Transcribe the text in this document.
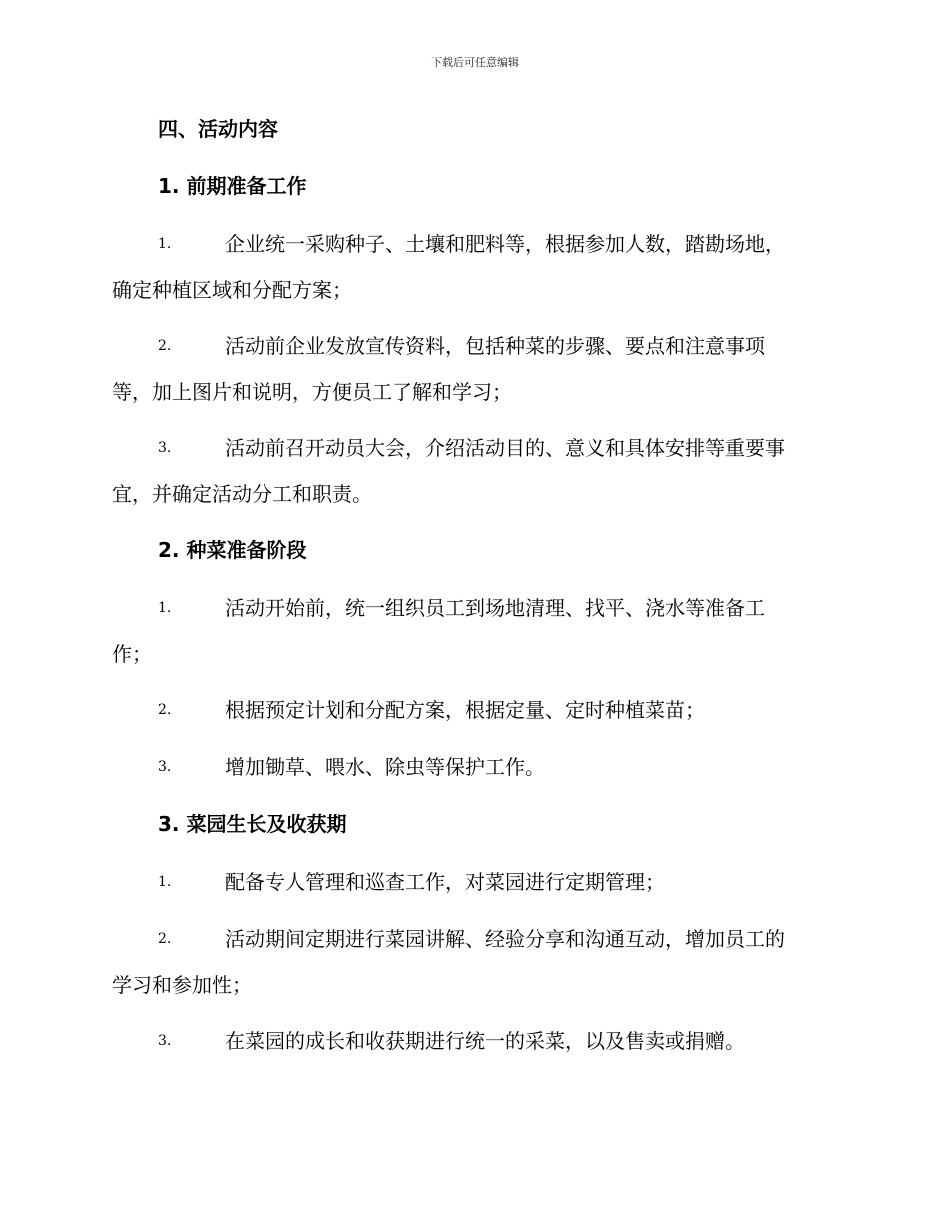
下载后可任意编辑
四、活动内容
1. 前期准备工作
1.	企业统一采购种子、土壤和肥料等，根据参加人数，踏勘场地，
确定种植区域和分配方案；
2.	活动前企业发放宣传资料，包括种菜的步骤、要点和注意事项
等，加上图片和说明，方便员工了解和学习；
3.	活动前召开动员大会，介绍活动目的、意义和具体安排等重要事
宜，并确定活动分工和职责。
2. 种菜准备阶段
1.	活动开始前，统一组织员工到场地清理、找平、浇水等准备工
作；
2.	根据预定计划和分配方案，根据定量、定时种植菜苗；
3.	增加锄草、喂水、除虫等保护工作。
3. 菜园生长及收获期
1.	配备专人管理和巡查工作，对菜园进行定期管理；
2.	活动期间定期进行菜园讲解、经验分享和沟通互动，增加员工的
学习和参加性；
3.	在菜园的成长和收获期进行统一的采菜，以及售卖或捐赠。
